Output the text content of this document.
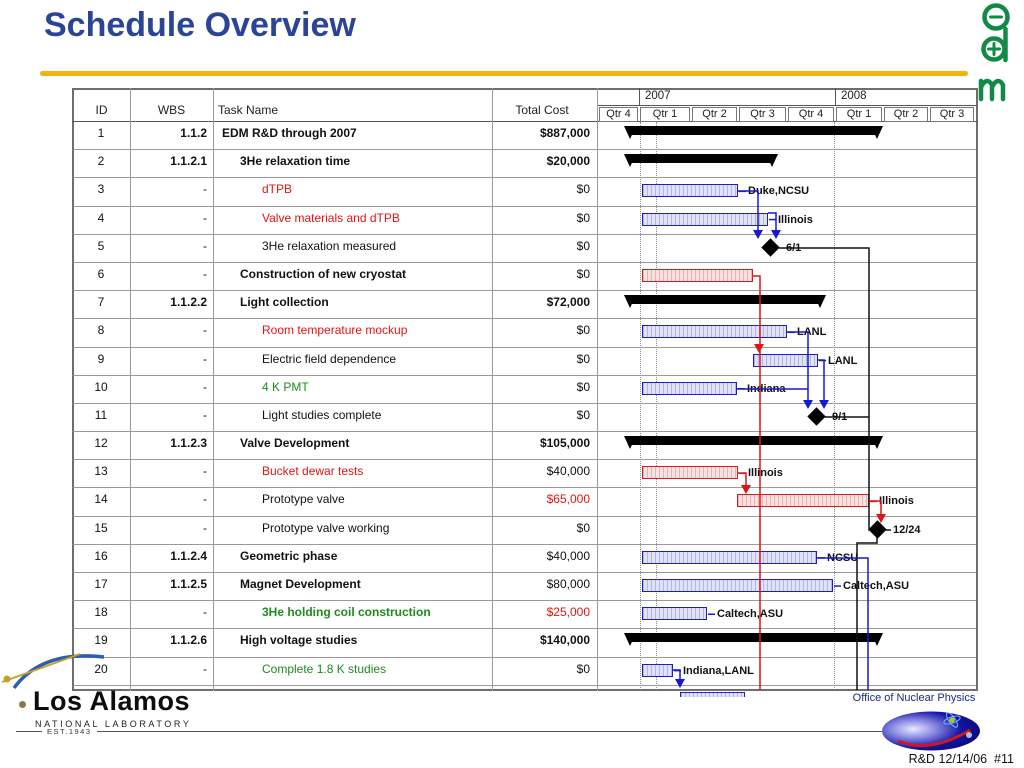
Schedule Overview
2007	2008
Qtr 4	Qtr 1	Qtr 2	Qtr 3	Qtr 4	Qtr 1	Qtr 2	Qtr 3
ID	WBS	Task Name	Total Cost
1	1.1.2 EDM R&D through 2007	$887,000
2	1.1.2.1	3He relaxation time	$20,000
3	-	dTPB	$0	Duke,NCSU
4	-	Valve materials and dTPB	$0	Illinois
5	-	3He relaxation measured	$0	6/1
6	-	Construction of new cryostat	$0
7	1.1.2.2	Light collection	$72,000
8	-	Room temperature mockup	$0	LANL
9	-	Electric field dependence	$0	LANL
10	-	4 K PMT	$0	Indiana
11	-	Light studies complete	$0	9/1
12	1.1.2.3	Valve Development	$105,000
13	-	Bucket dewar tests	$40,000	Illinois
14	-	Prototype valve	$65,000	Illinois
15	-	Prototype valve working	$0	12/24
16	1.1.2.4	Geometric phase	$40,000	NCSU
17	1.1.2.5	Magnet Development	$80,000	Caltech,ASU
18	-	3He holding coil construction	$25,000	Caltech,ASU
19	1.1.2.6	High voltage studies	$140,000
20	-	Complete 1.8 K studies	$0	Indiana,LANL
Los Alamos
NATIONAL LABORATORY
EST.1943
Office of Nuclear Physics
R&D 12/14/06  #11
